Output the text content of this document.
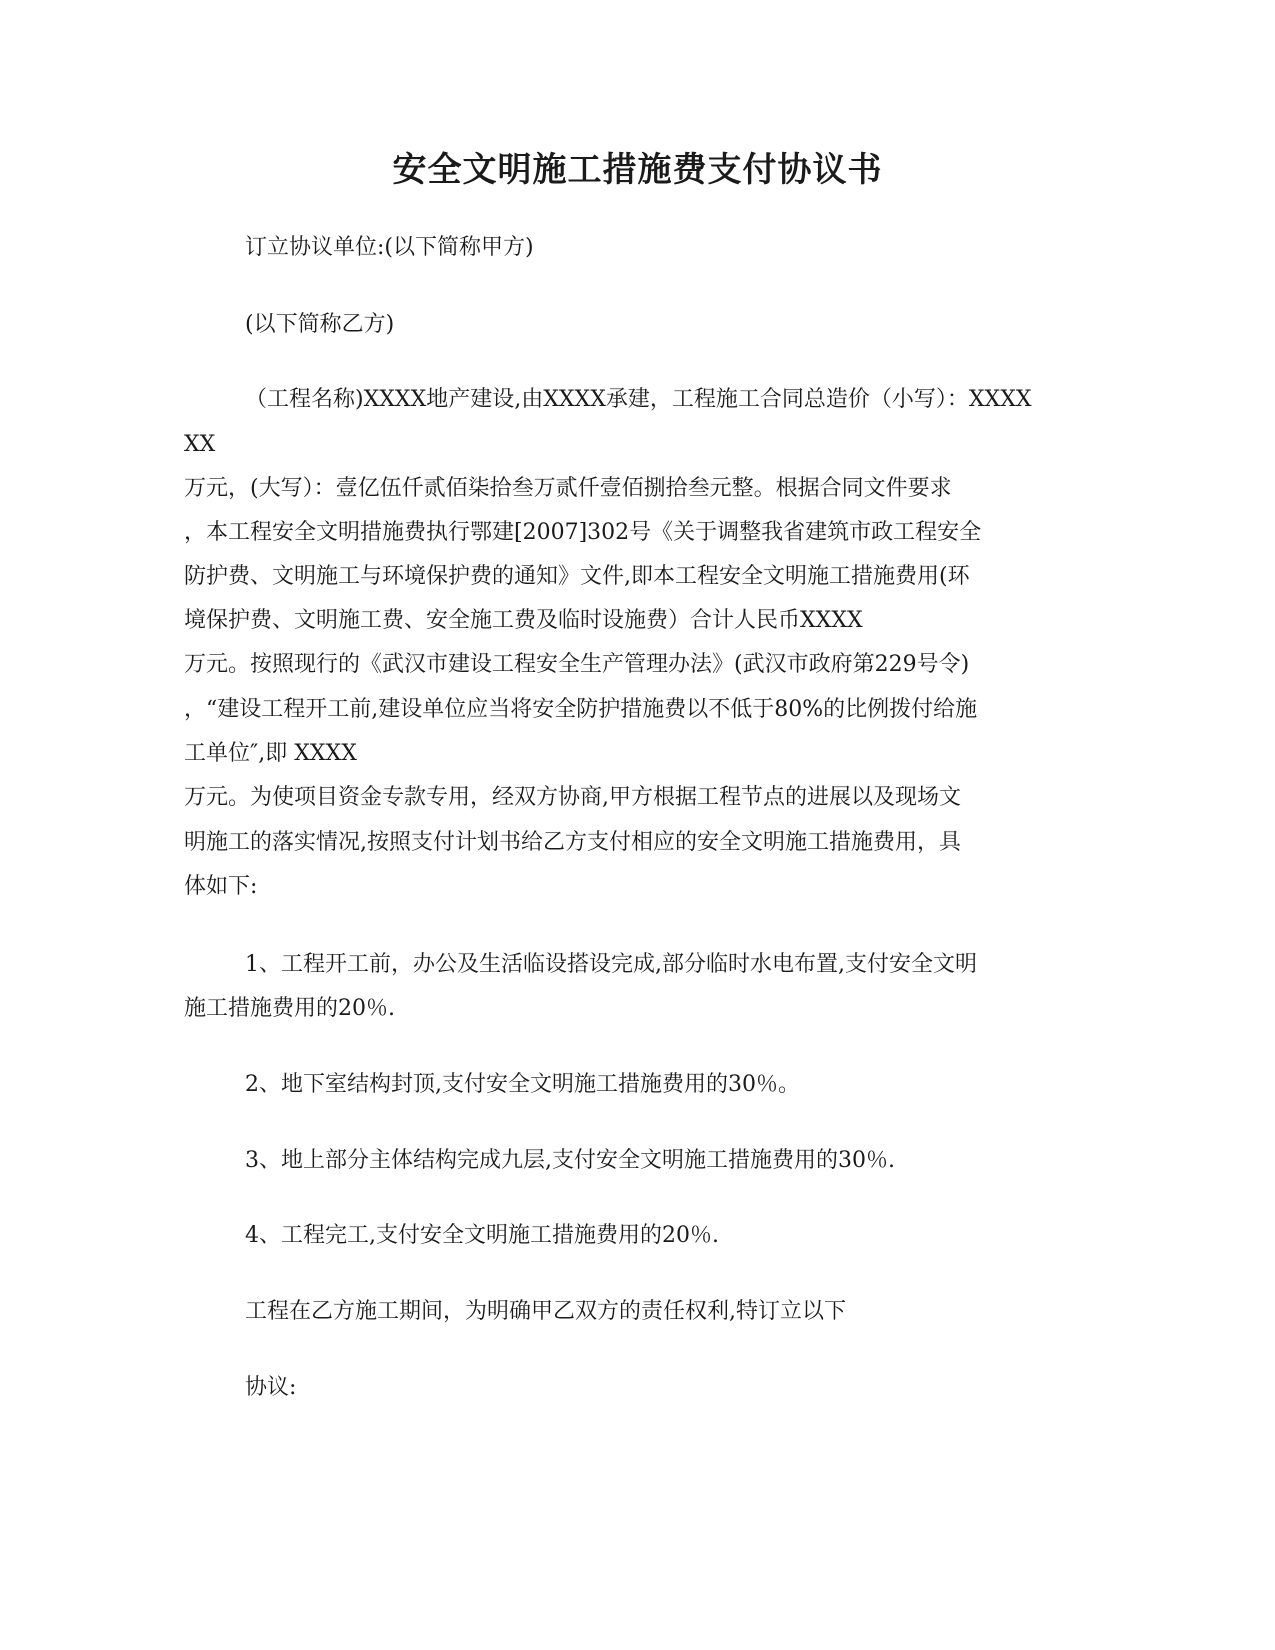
安全文明施工措施费支付协议书
订立协议单位:(以下简称甲方)
(以下简称乙方)
（工程名称)XXXX地产建设,由XXXX承建，工程施工合同总造价（小写）：XXXX
XX
万元，(大写）：壹亿伍仟贰佰柒拾叁万贰仟壹佰捌拾叁元整。根据合同文件要求
，本工程安全文明措施费执行鄂建[2007]302号《关于调整我省建筑市政工程安全
防护费、文明施工与环境保护费的通知》文件,即本工程安全文明施工措施费用(环
境保护费、文明施工费、安全施工费及临时设施费）合计人民币XXXX
万元。按照现行的《武汉市建设工程安全生产管理办法》(武汉市政府第229号令)
，“建设工程开工前,建设单位应当将安全防护措施费以不低于80%的比例拨付给施
工单位″,即 XXXX
万元。为使项目资金专款专用，经双方协商,甲方根据工程节点的进展以及现场文
明施工的落实情况,按照支付计划书给乙方支付相应的安全文明施工措施费用，具
体如下:
1、工程开工前，办公及生活临设搭设完成,部分临时水电布置,支付安全文明
施工措施费用的20％.
2、地下室结构封顶,支付安全文明施工措施费用的30％。
3、地上部分主体结构完成九层,支付安全文明施工措施费用的30％.
4、工程完工,支付安全文明施工措施费用的20％.
工程在乙方施工期间，为明确甲乙双方的责任权利,特订立以下
协议:
